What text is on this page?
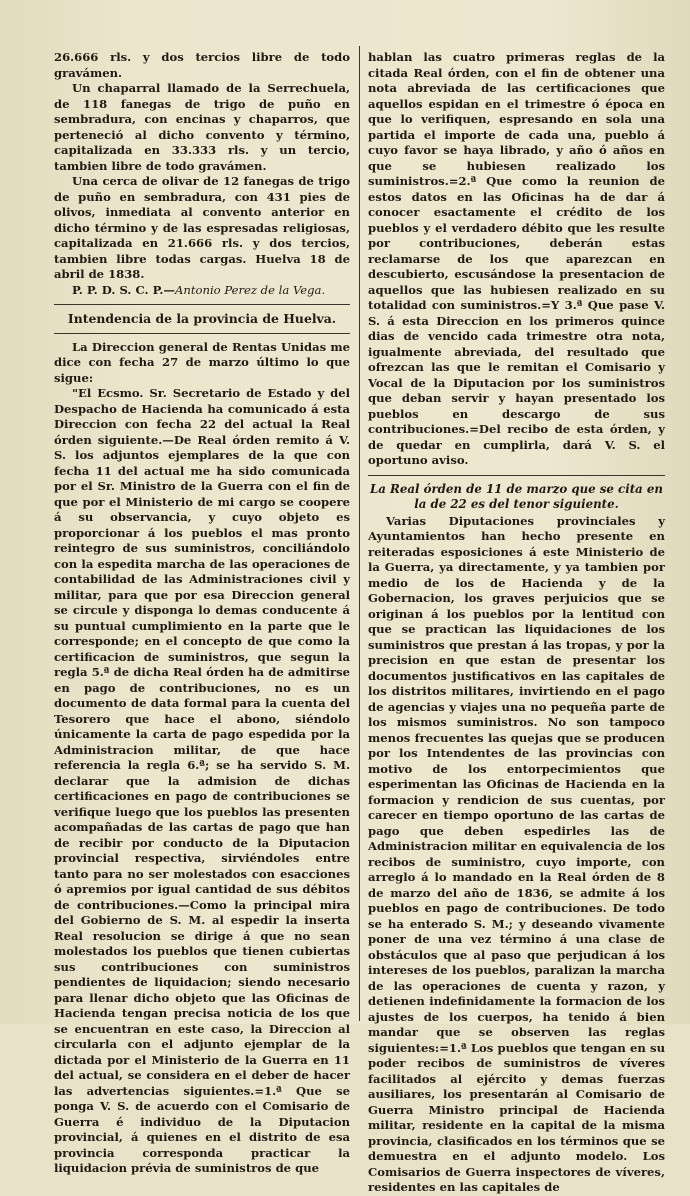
26.666 rls. y dos tercios libre de todo gravámen.

Un chaparral llamado de la Serrechuela, de 118 fanegas de trigo de puño en sembradura, con encinas y chaparros, que perteneció al dicho convento y término, capitalizada en 33.333 rls. y un tercio, tambien libre de todo gravámen.

Una cerca de olivar de 12 fanegas de trigo de puño en sembradura, con 431 pies de olivos, inmediata al convento anterior en dicho término y de las espresadas religiosas, capitalizada en 21.666 rls. y dos tercios, tambien libre todas cargas. Huelva 18 de abril de 1838.

P. P. D. S. C. P.—Antonio Perez de la Vega.

Intendencia de la provincia de Huelva.

La Direccion general de Rentas Unidas me dice con fecha 27 de marzo último lo que sigue:

"El Ecsmo. Sr. Secretario de Estado y del Despacho de Hacienda ha comunicado á esta Direccion con fecha 22 del actual la Real órden siguiente.—De Real órden remito á V. S. los adjuntos ejemplares de la que con fecha 11 del actual me ha sido comunicada por el Sr. Ministro de la Guerra con el fin de que por el Ministerio de mi cargo se coopere á su observancia, y cuyo objeto es proporcionar á los pueblos el mas pronto reintegro de sus suministros, conciliándolo con la espedita marcha de las operaciones de contabilidad de las Administraciones civil y militar, para que por esa Direccion general se circule y disponga lo demas conducente á su puntual cumplimiento en la parte que le corresponde; en el concepto de que como la certificacion de suministros, que segun la regla 5.ª de dicha Real órden ha de admitirse en pago de contribuciones, no es un documento de data formal para la cuenta del Tesorero que hace el abono, siéndolo únicamente la carta de pago espedida por la Administracion militar, de que hace referencia la regla 6.ª; se ha servido S. M. declarar que la admision de dichas certificaciones en pago de contribuciones se verifique luego que los pueblos las presenten acompañadas de las cartas de pago que han de recibir por conducto de la Diputacion provincial respectiva, sirviéndoles entre tanto para no ser molestados con esacciones ó apremios por igual cantidad de sus débitos de contribuciones.—Como la principal mira del Gobierno de S. M. al espedir la inserta Real resolucion se dirige á que no sean molestados los pueblos que tienen cubiertas sus contribuciones con suministros pendientes de liquidacion; siendo necesario para llenar dicho objeto que las Oficinas de Hacienda tengan precisa noticia de los que se encuentran en este caso, la Direccion al circularla con el adjunto ejemplar de la dictada por el Ministerio de la Guerra en 11 del actual, se considera en el deber de hacer las advertencias siguientes.=1.ª Que se ponga V. S. de acuerdo con el Comisario de Guerra é individuo de la Diputacion provincial, á quienes en el distrito de esa provincia corresponda practicar la liquidacion prévia de suministros de que

hablan las cuatro primeras reglas de la citada Real órden, con el fin de obtener una nota abreviada de las certificaciones que aquellos espidan en el trimestre ó época en que lo verifiquen, espresando en sola una partida el importe de cada una, pueblo á cuyo favor se haya librado, y año ó años en que se hubiesen realizado los suministros.=2.ª Que como la reunion de estos datos en las Oficinas ha de dar á conocer esactamente el crédito de los pueblos y el verdadero débito que les resulte por contribuciones, deberán estas reclamarse de los que aparezcan en descubierto, escusándose la presentacion de aquellos que las hubiesen realizado en su totalidad con suministros.=Y 3.ª Que pase V. S. á esta Direccion en los primeros quince dias de vencido cada trimestre otra nota, igualmente abreviada, del resultado que ofrezcan las que le remitan el Comisario y Vocal de la Diputacion por los suministros que deban servir y hayan presentado los pueblos en descargo de sus contribuciones.=Del recibo de esta órden, y de quedar en cumplirla, dará V. S. el oportuno aviso.

La Real órden de 11 de marzo que se cita en la de 22 es del tenor siguiente.

Varias Diputaciones provinciales y Ayuntamientos han hecho presente en reiteradas esposiciones á este Ministerio de la Guerra, ya directamente, y ya tambien por medio de los de Hacienda y de la Gobernacion, los graves perjuicios que se originan á los pueblos por la lentitud con que se practican las liquidaciones de los suministros que prestan á las tropas, y por la precision en que estan de presentar los documentos justificativos en las capitales de los distritos militares, invirtiendo en el pago de agencias y viajes una no pequeña parte de los mismos suministros. No son tampoco menos frecuentes las quejas que se producen por los Intendentes de las provincias con motivo de los entorpecimientos que esperimentan las Oficinas de Hacienda en la formacion y rendicion de sus cuentas, por carecer en tiempo oportuno de las cartas de pago que deben espedirles las de Administracion militar en equivalencia de los recibos de suministro, cuyo importe, con arreglo á lo mandado en la Real órden de 8 de marzo del año de 1836, se admite á los pueblos en pago de contribuciones. De todo se ha enterado S. M.; y deseando vivamente poner de una vez término á una clase de obstáculos que al paso que perjudican á los intereses de los pueblos, paralizan la marcha de las operaciones de cuenta y razon, y detienen indefinidamente la formacion de los ajustes de los cuerpos, ha tenido á bien mandar que se observen las reglas siguientes:=1.ª Los pueblos que tengan en su poder recibos de suministros de víveres facilitados al ejército y demas fuerzas ausiliares, los presentarán al Comisario de Guerra Ministro principal de Hacienda militar, residente en la capital de la misma provincia, clasificados en los términos que se demuestra en el adjunto modelo. Los Comisarios de Guerra inspectores de víveres, residentes en las capitales de
